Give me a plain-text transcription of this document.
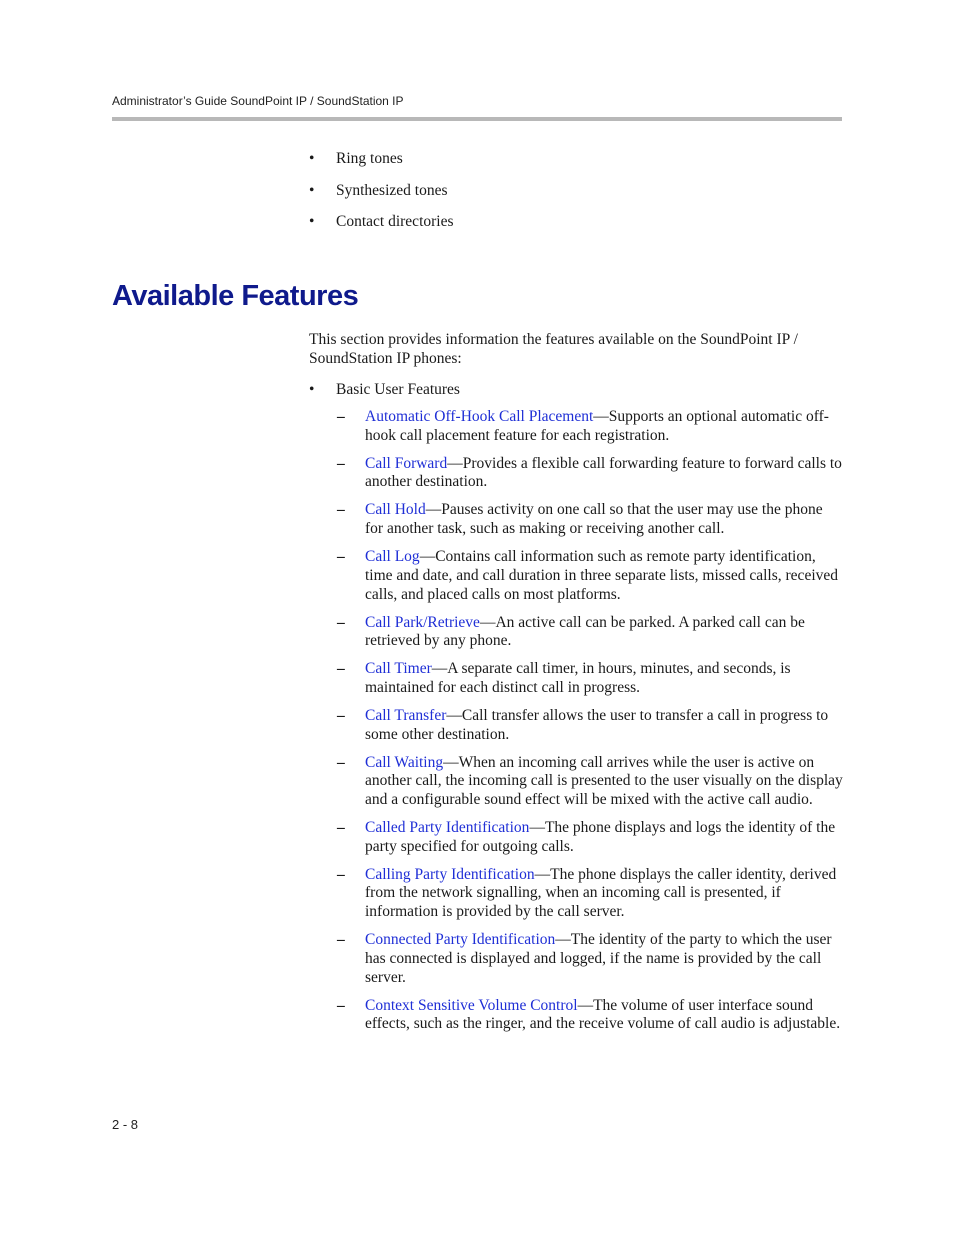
Administrator’s Guide SoundPoint IP / SoundStation IP
• Ring tones
• Synthesized tones
• Contact directories
Available Features

This section provides information the features available on the SoundPoint IP / SoundStation IP phones:

• Basic User Features
– Automatic Off-Hook Call Placement—Supports an optional automatic off-hook call placement feature for each registration.
– Call Forward—Provides a flexible call forwarding feature to forward calls to another destination.
– Call Hold—Pauses activity on one call so that the user may use the phone for another task, such as making or receiving another call.
– Call Log—Contains call information such as remote party identification, time and date, and call duration in three separate lists, missed calls, received calls, and placed calls on most platforms.
– Call Park/Retrieve—An active call can be parked. A parked call can be retrieved by any phone.
– Call Timer—A separate call timer, in hours, minutes, and seconds, is maintained for each distinct call in progress.
– Call Transfer—Call transfer allows the user to transfer a call in progress to some other destination.
– Call Waiting—When an incoming call arrives while the user is active on another call, the incoming call is presented to the user visually on the display and a configurable sound effect will be mixed with the active call audio.
– Called Party Identification—The phone displays and logs the identity of the party specified for outgoing calls.
– Calling Party Identification—The phone displays the caller identity, derived from the network signalling, when an incoming call is presented, if information is provided by the call server.
– Connected Party Identification—The identity of the party to which the user has connected is displayed and logged, if the name is provided by the call server.
– Context Sensitive Volume Control—The volume of user interface sound effects, such as the ringer, and the receive volume of call audio is adjustable.
2 - 8
